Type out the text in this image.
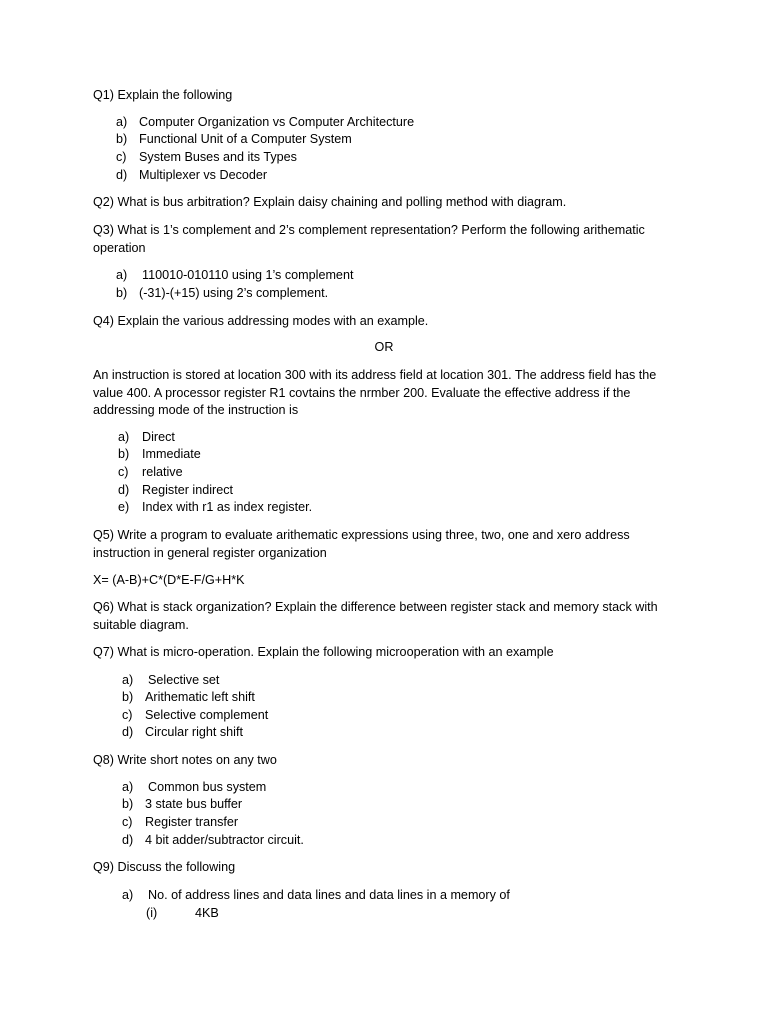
Q1) Explain the following
a) Computer Organization vs Computer Architecture
b) Functional Unit of a Computer System
c) System Buses and its Types
d) Multiplexer vs Decoder
Q2) What is bus arbitration? Explain daisy chaining and polling method with diagram.
Q3) What is 1’s complement and 2’s complement representation? Perform the following arithematic operation
a) 110010-010110 using 1’s complement
b) (-31)-(+15) using 2’s complement.
Q4) Explain the various addressing modes with an example.
OR
An instruction is stored at location 300 with its address field at location 301. The address field has the value 400. A processor register R1 covtains the nrmber 200. Evaluate the effective address if the addressing mode of the instruction is
a) Direct
b) Immediate
c) relative
d) Register indirect
e) Index with r1 as index register.
Q5) Write a program to evaluate arithematic expressions using three, two, one and xero address instruction in general register organization
X= (A-B)+C*(D*E-F/G+H*K
Q6) What is stack organization? Explain the difference between register stack and memory stack with suitable diagram.
Q7) What is micro-operation. Explain the following microoperation with an example
a) Selective set
b) Arithematic left shift
c) Selective complement
d) Circular right shift
Q8) Write short notes on any two
a) Common bus system
b) 3 state bus buffer
c) Register transfer
d) 4 bit adder/subtractor circuit.
Q9) Discuss the following
a) No. of address lines and data lines and data lines in a memory of
(i)	4KB
